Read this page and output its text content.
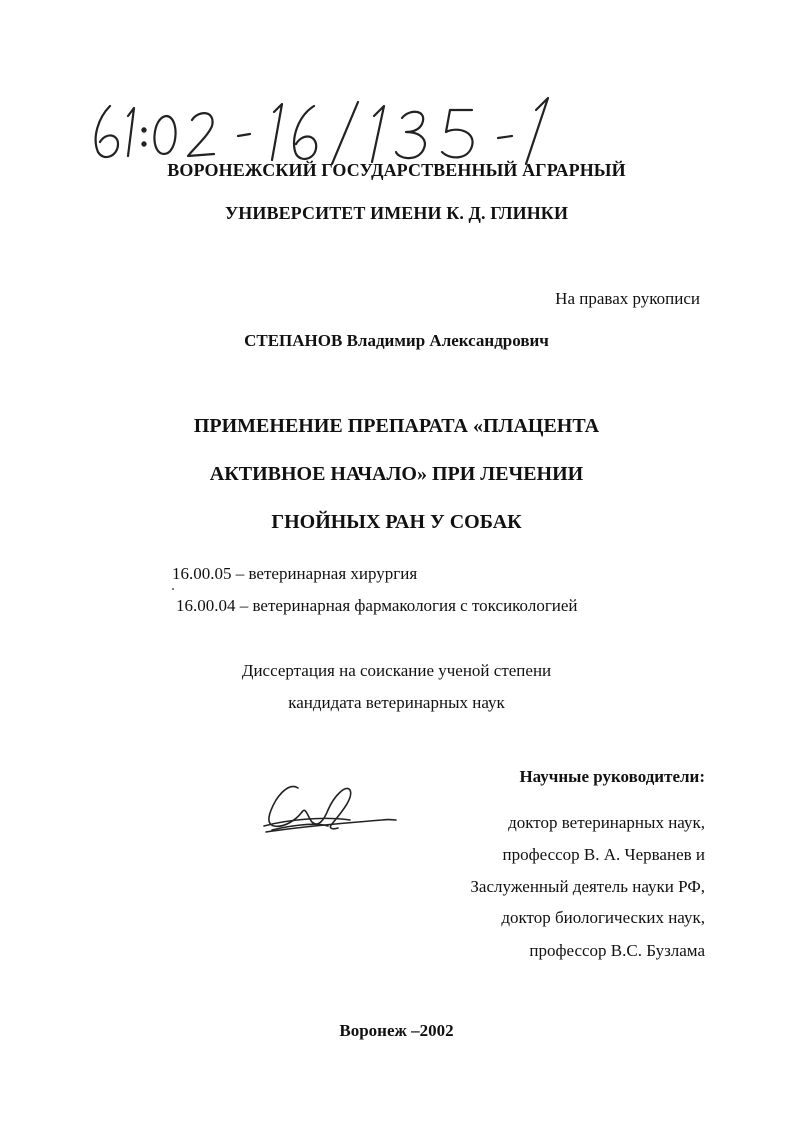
ВОРОНЕЖСКИЙ ГОСУДАРСТВЕННЫЙ АГРАРНЫЙ
УНИВЕРСИТЕТ ИМЕНИ К. Д. ГЛИНКИ
На правах рукописи
СТЕПАНОВ Владимир Александрович
ПРИМЕНЕНИЕ ПРЕПАРАТА «ПЛАЦЕНТА
АКТИВНОЕ НАЧАЛО» ПРИ ЛЕЧЕНИИ
ГНОЙНЫХ РАН У СОБАК
16.00.05 – ветеринарная хирургия
16.00.04 – ветеринарная фармакология с токсикологией
Диссертация на соискание ученой степени
кандидата ветеринарных наук
Научные руководители:
доктор ветеринарных наук,
профессор В. А. Черванев и
Заслуженный деятель науки РФ,
доктор биологических наук,
профессор В.С. Бузлама
Воронеж –2002
